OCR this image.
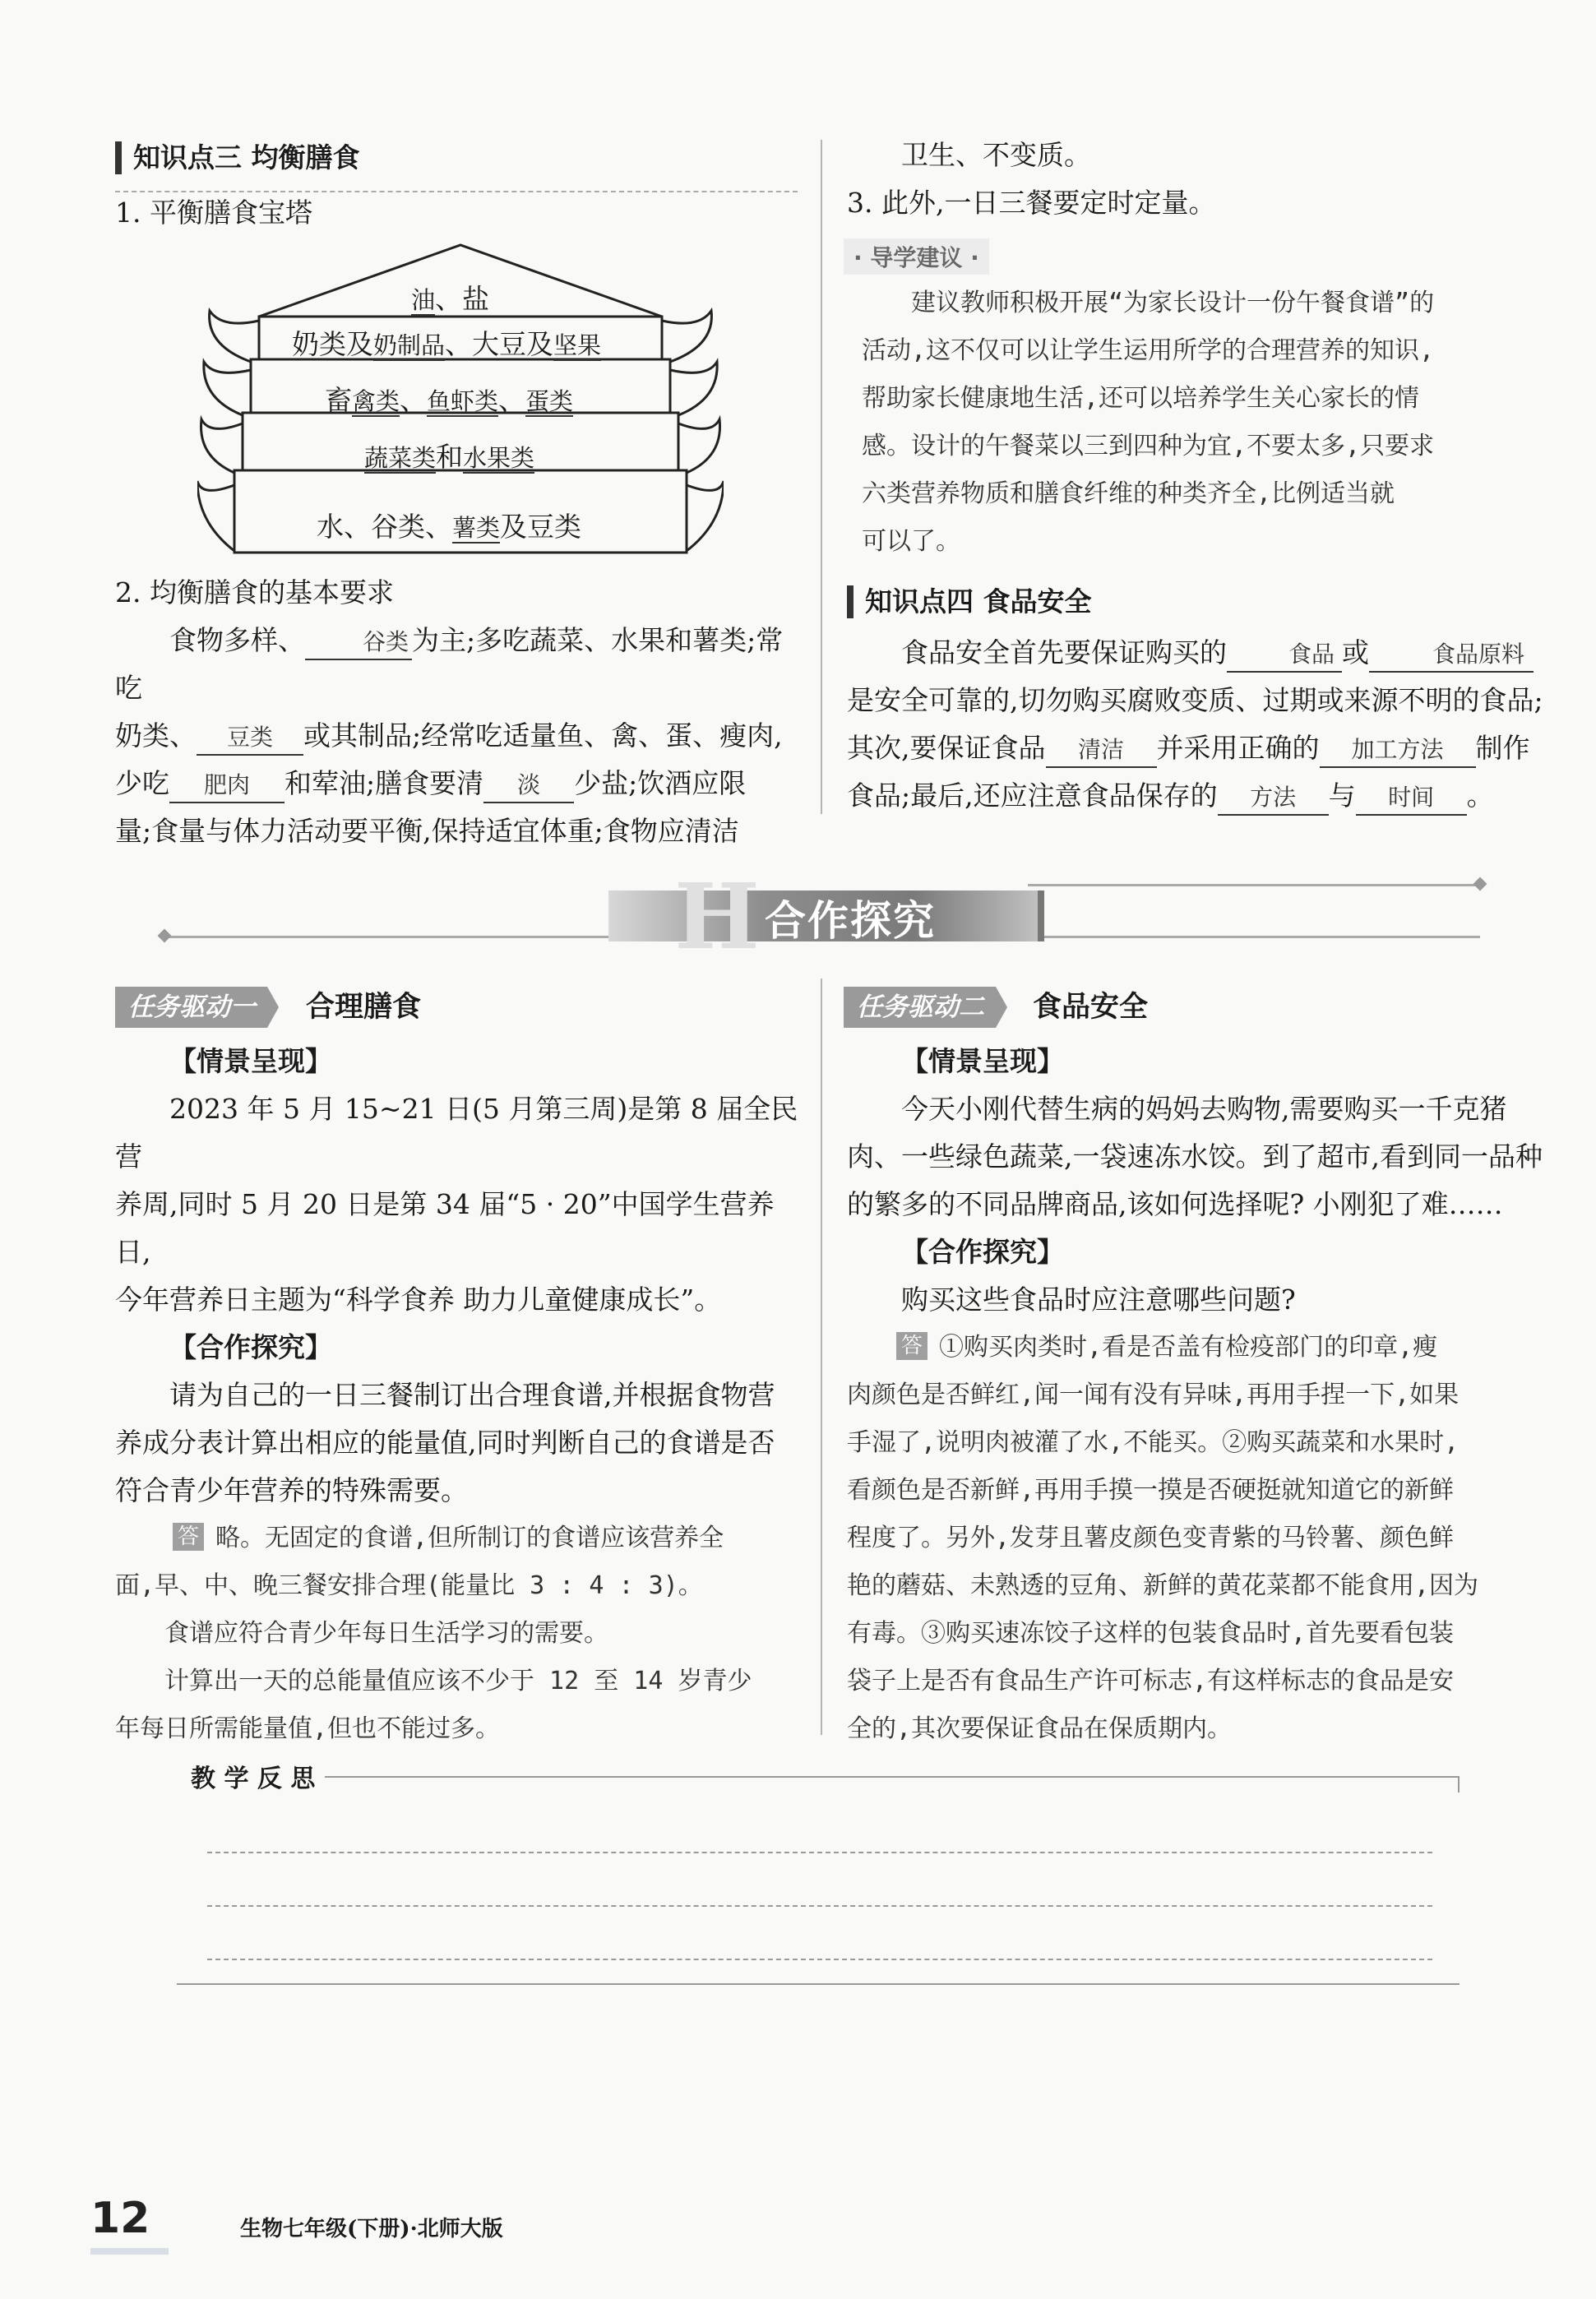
知识点三 均衡膳食
1. 平衡膳食宝塔
油、盐
奶类及奶制品、大豆及坚果
畜禽类、鱼虾类、蛋类
蔬菜类和水果类
水、谷类、薯类及豆类

2. 均衡膳食的基本要求

食物多样、 谷类 为主;多吃蔬菜、水果和薯类;常吃

奶类、 豆类 或其制品;经常吃适量鱼、禽、蛋、瘦肉,

少吃 肥肉 和荤油;膳食要清 淡 少盐;饮酒应限

量;食量与体力活动要平衡,保持适宜体重;食物应清洁

卫生、不变质。

3. 此外,一日三餐要定时定量。

· 导学建议 ·

建议教师积极开展“为家长设计一份午餐食谱”的

活动,这不仅可以让学生运用所学的合理营养的知识,

帮助家长健康地生活,还可以培养学生关心家长的情

感。设计的午餐菜以三到四种为宜,不要太多,只要求

六类营养物质和膳食纤维的种类齐全,比例适当就

可以了。

知识点四 食品安全

食品安全首先要保证购买的	食品 或	食品原料

是安全可靠的,切勿购买腐败变质、过期或来源不明的食品;

其次,要保证食品 清洁 并采用正确的 加工方法 制作

食品;最后,还应注意食品保存的 方法 与 时间 。

H 合作探究
任务驱动一	合理膳食

【情景呈现】

2023 年 5 月 15~21 日(5 月第三周)是第 8 届全民营

养周,同时 5 月 20 日是第 34 届“5 · 20”中国学生营养日,

今年营养日主题为“科学食养 助力儿童健康成长”。

【合作探究】

请为自己的一日三餐制订出合理食谱,并根据食物营

养成分表计算出相应的能量值,同时判断自己的食谱是否

符合青少年营养的特殊需要。

答 略。无固定的食谱,但所制订的食谱应该营养全

面,早、中、晚三餐安排合理(能量比 3 : 4 : 3)。

食谱应符合青少年每日生活学习的需要。

计算出一天的总能量值应该不少于 12 至 14 岁青少

年每日所需能量值,但也不能过多。

任务驱动二	食品安全

【情景呈现】

今天小刚代替生病的妈妈去购物,需要购买一千克猪

肉、一些绿色蔬菜,一袋速冻水饺。到了超市,看到同一品种

的繁多的不同品牌商品,该如何选择呢? 小刚犯了难……

【合作探究】

购买这些食品时应注意哪些问题?

答 ①购买肉类时,看是否盖有检疫部门的印章,瘦

肉颜色是否鲜红,闻一闻有没有异味,再用手捏一下,如果

手湿了,说明肉被灌了水,不能买。②购买蔬菜和水果时,

看颜色是否新鲜,再用手摸一摸是否硬挺就知道它的新鲜

程度了。另外,发芽且薯皮颜色变青紫的马铃薯、颜色鲜

艳的蘑菇、未熟透的豆角、新鲜的黄花菜都不能食用,因为

有毒。③购买速冻饺子这样的包装食品时,首先要看包装

袋子上是否有食品生产许可标志,有这样标志的食品是安

全的,其次要保证食品在保质期内。

教 学 反 思
12	生物七年级(下册)·北师大版
